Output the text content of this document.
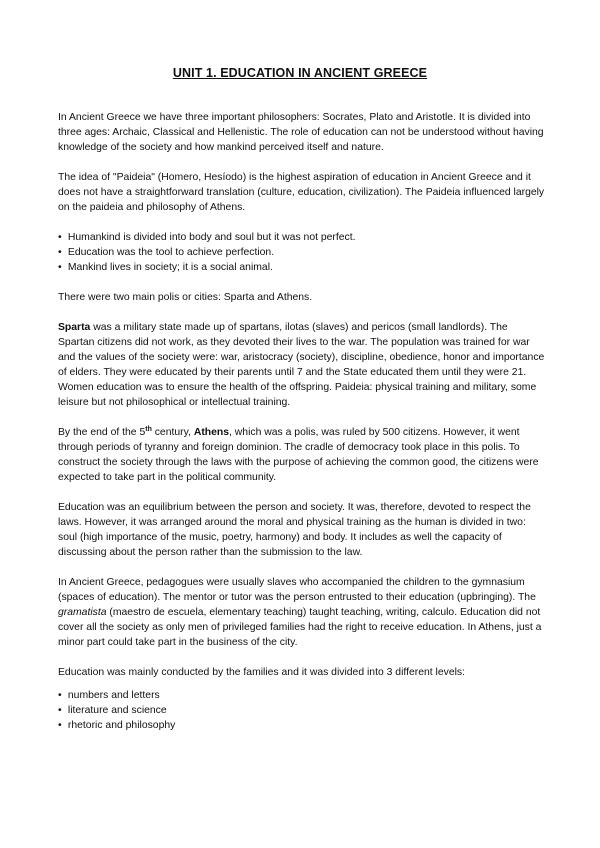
UNIT 1. EDUCATION IN ANCIENT GREECE

In Ancient Greece we have three important philosophers: Socrates, Plato and Aristotle. It is divided into three ages: Archaic, Classical and Hellenistic. The role of education can not be understood without having knowledge of the society and how mankind perceived itself and nature.

The idea of "Paideia" (Homero, Hesíodo) is the highest aspiration of education in Ancient Greece and it does not have a straightforward translation (culture, education, civilization). The Paideia influenced largely on the paideia and philosophy of Athens.

• Humankind is divided into body and soul but it was not perfect.
• Education was the tool to achieve perfection.
• Mankind lives in society; it is a social animal.

There were two main polis or cities: Sparta and Athens.

Sparta was a military state made up of spartans, ilotas (slaves) and pericos (small landlords). The Spartan citizens did not work, as they devoted their lives to the war. The population was trained for war and the values of the society were: war, aristocracy (society), discipline, obedience, honor and importance of elders. They were educated by their parents until 7 and the State educated them until they were 21. Women education was to ensure the health of the offspring. Paideia: physical training and military, some leisure but not philosophical or intellectual training.

By the end of the 5th century, Athens, which was a polis, was ruled by 500 citizens. However, it went through periods of tyranny and foreign dominion. The cradle of democracy took place in this polis. To construct the society through the laws with the purpose of achieving the common good, the citizens were expected to take part in the political community.

Education was an equilibrium between the person and society. It was, therefore, devoted to respect the laws. However, it was arranged around the moral and physical training as the human is divided in two: soul (high importance of the music, poetry, harmony) and body. It includes as well the capacity of discussing about the person rather than the submission to the law.

In Ancient Greece, pedagogues were usually slaves who accompanied the children to the gymnasium (spaces of education). The mentor or tutor was the person entrusted to their education (upbringing). The gramatista (maestro de escuela, elementary teaching) taught teaching, writing, calculo. Education did not cover all the society as only men of privileged families had the right to receive education. In Athens, just a minor part could take part in the business of the city.

Education was mainly conducted by the families and it was divided into 3 different levels:

• numbers and letters
• literature and science
• rhetoric and philosophy
